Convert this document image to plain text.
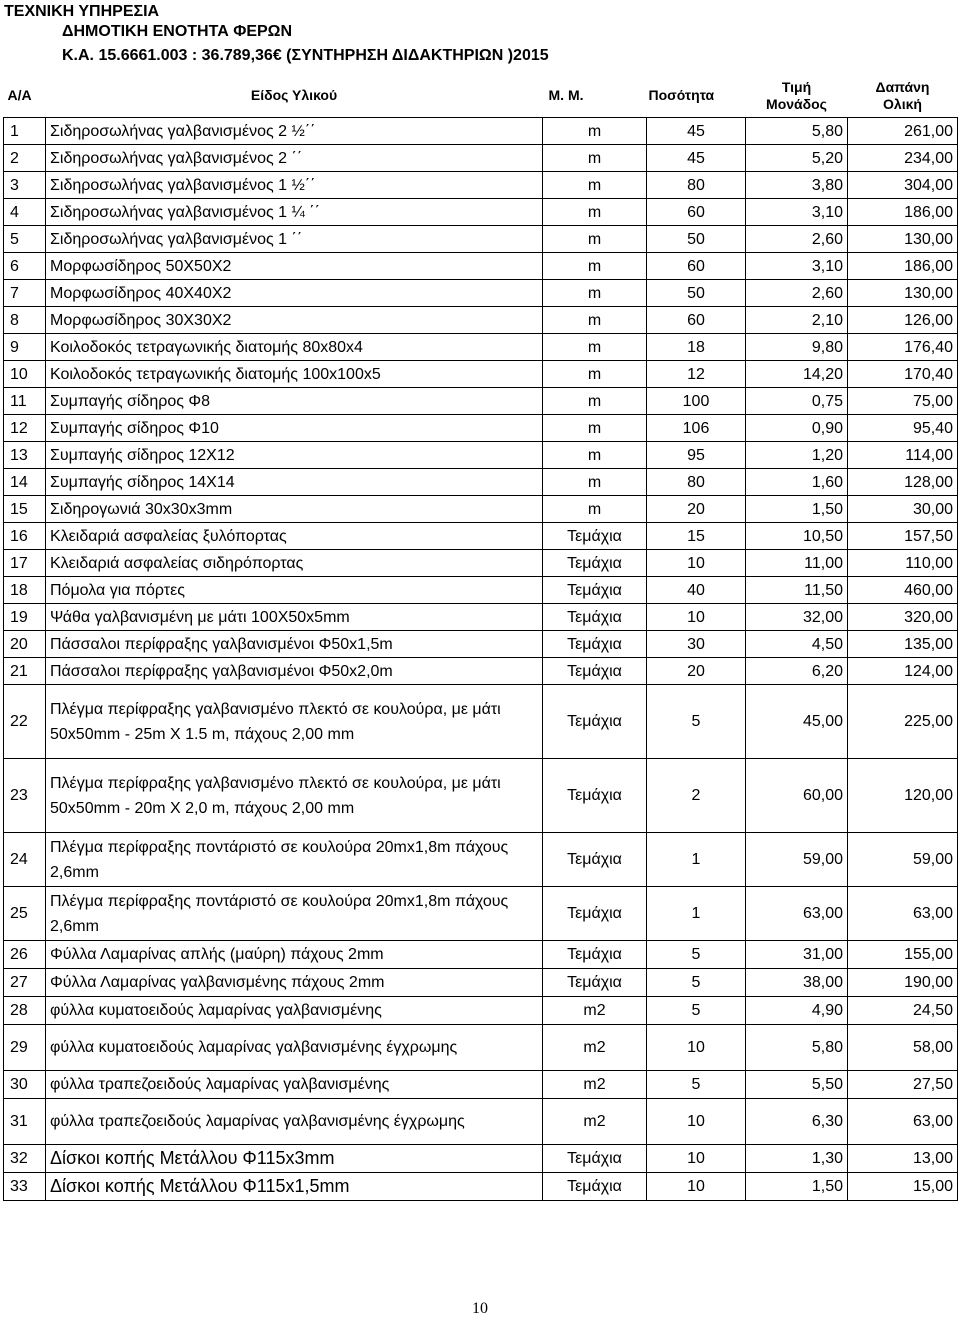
ΤΕΧΝΙΚΗ ΥΠΗΡΕΣΙΑ
ΔΗΜΟΤΙΚΗ ΕΝΟΤΗΤΑ ΦΕΡΩΝ
Κ.Α. 15.6661.003 : 36.789,36€ (ΣΥΝΤΗΡΗΣΗ ΔΙΔΑΚΤΗΡΙΩΝ )2015
Α/Α	Είδος Υλικού	Μ. Μ.	Ποσότητα	Τιμή Μονάδος	Δαπάνη Ολική
1	Σιδηροσωλήνας γαλβανισμένος 2 ½΄΄	m	45	5,80	261,00
2	Σιδηροσωλήνας γαλβανισμένος 2 ΄΄	m	45	5,20	234,00
3	Σιδηροσωλήνας γαλβανισμένος 1 ½΄΄	m	80	3,80	304,00
4	Σιδηροσωλήνας γαλβανισμένος 1 ¼ ΄΄	m	60	3,10	186,00
5	Σιδηροσωλήνας γαλβανισμένος 1 ΄΄	m	50	2,60	130,00
6	Μορφωσίδηρος 50Χ50Χ2	m	60	3,10	186,00
7	Μορφωσίδηρος 40Χ40Χ2	m	50	2,60	130,00
8	Μορφωσίδηρος 30Χ30Χ2	m	60	2,10	126,00
9	Κοιλοδοκός τετραγωνικής διατομής 80x80x4	m	18	9,80	176,40
10	Κοιλοδοκός τετραγωνικής διατομής 100x100x5	m	12	14,20	170,40
11	Συμπαγής σίδηρος Φ8	m	100	0,75	75,00
12	Συμπαγής σίδηρος Φ10	m	106	0,90	95,40
13	Συμπαγής σίδηρος 12Χ12	m	95	1,20	114,00
14	Συμπαγής σίδηρος 14Χ14	m	80	1,60	128,00
15	Σιδηρογωνιά 30x30x3mm	m	20	1,50	30,00
16	Κλειδαριά ασφαλείας ξυλόπορτας	Τεμάχια	15	10,50	157,50
17	Κλειδαριά ασφαλείας σιδηρόπορτας	Τεμάχια	10	11,00	110,00
18	Πόμολα για πόρτες	Τεμάχια	40	11,50	460,00
19	Ψάθα γαλβανισμένη με μάτι 100Χ50x5mm	Τεμάχια	10	32,00	320,00
20	Πάσσαλοι περίφραξης γαλβανισμένοι Φ50x1,5m	Τεμάχια	30	4,50	135,00
21	Πάσσαλοι περίφραξης γαλβανισμένοι Φ50x2,0m	Τεμάχια	20	6,20	124,00
22	Πλέγμα περίφραξης γαλβανισμένο πλεκτό σε κουλούρα, με μάτι 50x50mm - 25m Χ 1.5 m, πάχους 2,00 mm	Τεμάχια	5	45,00	225,00
23	Πλέγμα περίφραξης γαλβανισμένο πλεκτό σε κουλούρα, με μάτι 50x50mm - 20m Χ 2,0 m, πάχους 2,00 mm	Τεμάχια	2	60,00	120,00
24	Πλέγμα περίφραξης ποντάριστό σε κουλούρα 20mx1,8m πάχους 2,6mm	Τεμάχια	1	59,00	59,00
25	Πλέγμα περίφραξης ποντάριστό σε κουλούρα 20mx1,8m πάχους 2,6mm	Τεμάχια	1	63,00	63,00
26	Φύλλα Λαμαρίνας απλής (μαύρη) πάχους 2mm	Τεμάχια	5	31,00	155,00
27	Φύλλα Λαμαρίνας γαλβανισμένης πάχους 2mm	Τεμάχια	5	38,00	190,00
28	φύλλα κυματοειδούς λαμαρίνας γαλβανισμένης	m2	5	4,90	24,50
29	φύλλα κυματοειδούς λαμαρίνας γαλβανισμένης έγχρωμης	m2	10	5,80	58,00
30	φύλλα τραπεζοειδούς λαμαρίνας γαλβανισμένης	m2	5	5,50	27,50
31	φύλλα τραπεζοειδούς λαμαρίνας γαλβανισμένης έγχρωμης	m2	10	6,30	63,00
32	Δίσκοι κοπής Μετάλλου Φ115x3mm	Τεμάχια	10	1,30	13,00
33	Δίσκοι κοπής Μετάλλου Φ115x1,5mm	Τεμάχια	10	1,50	15,00
10
